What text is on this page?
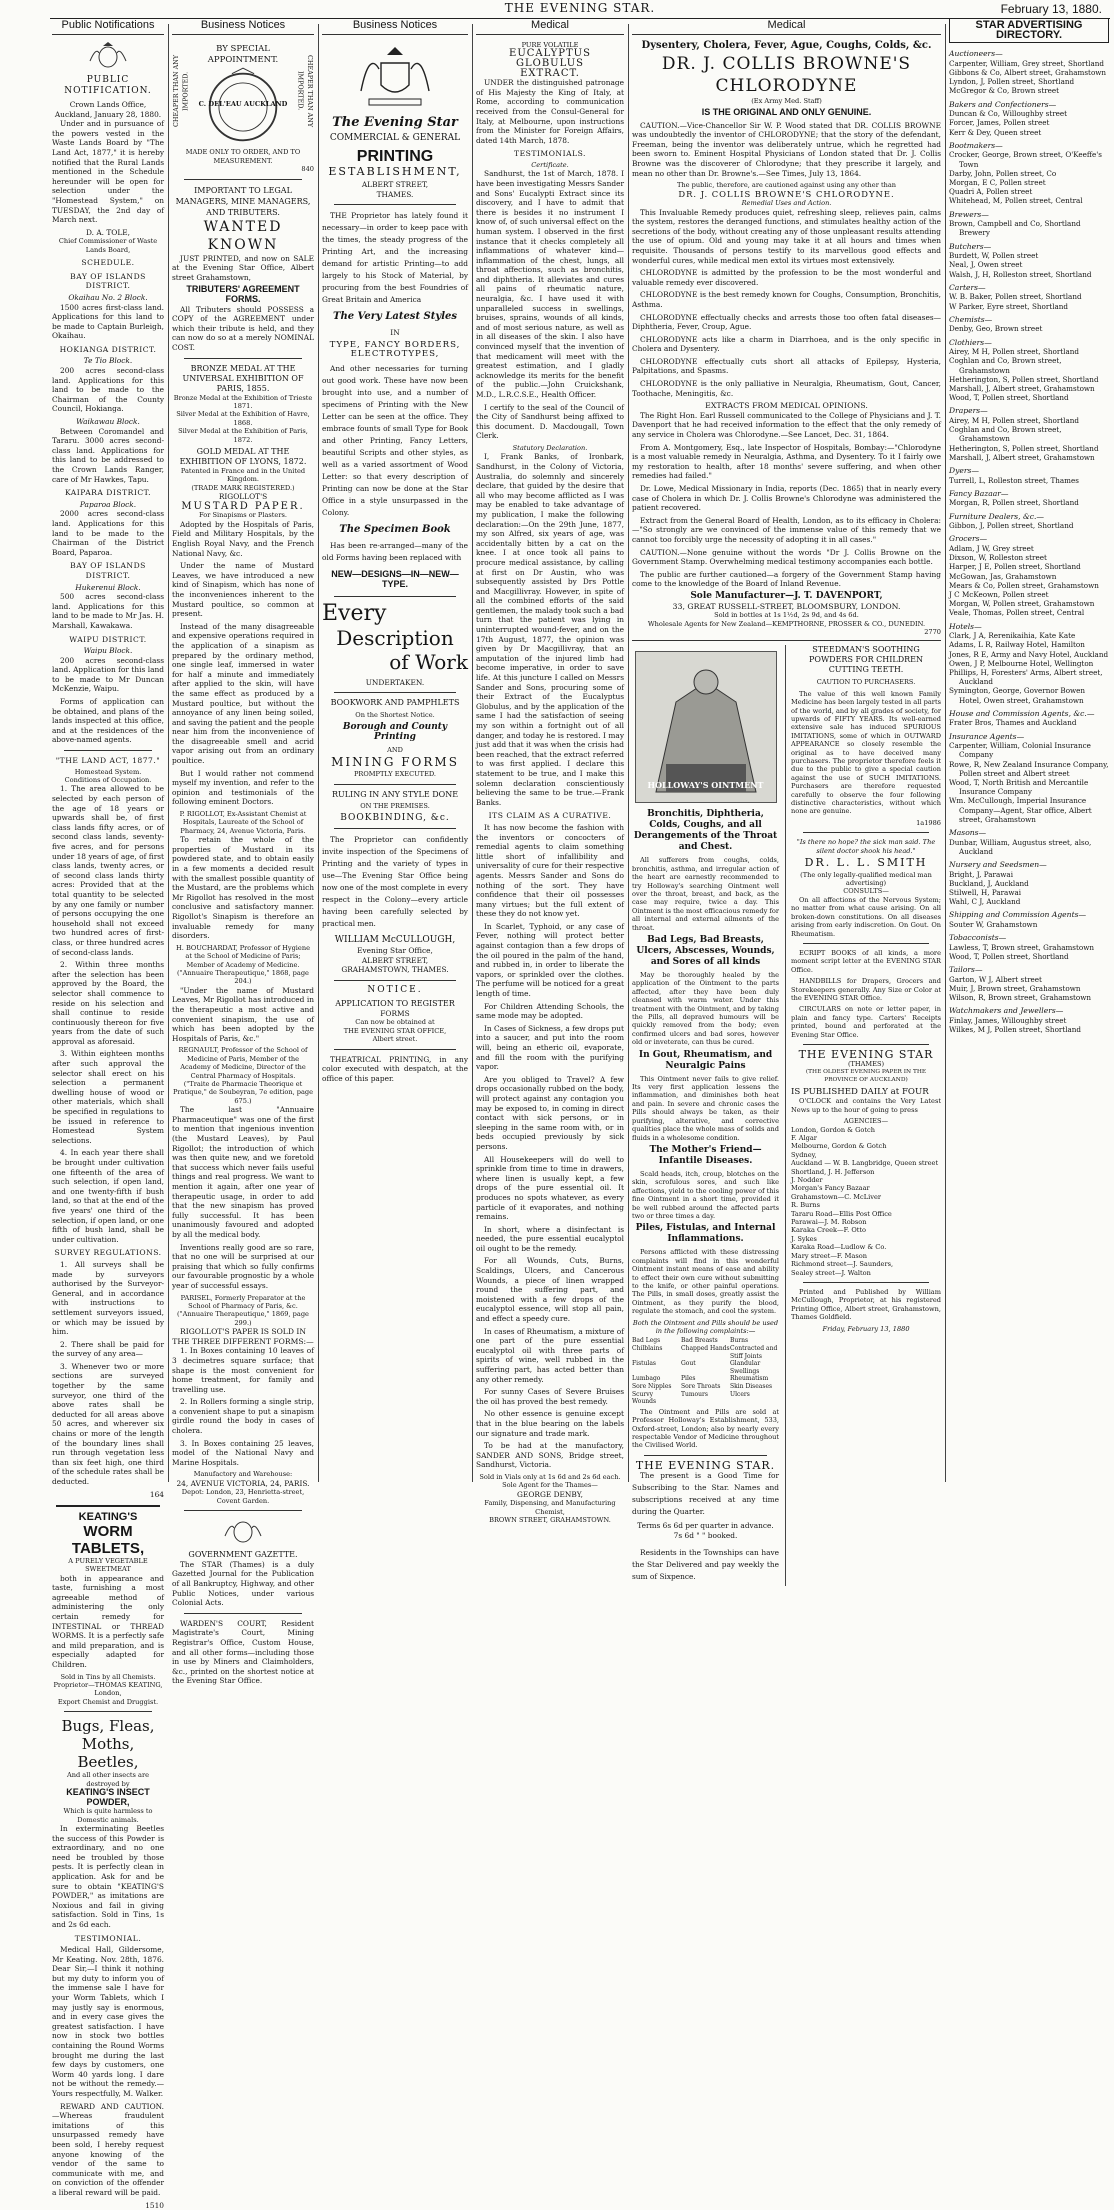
THE EVENING STAR.	February 13, 1880.
Public Notifications
PUBLIC NOTIFICATION.
Crown Lands Office,
Auckland, January 28, 1880.

Under and in pursuance of the powers vested in the Waste Lands Board by "The Land Act, 1877," it is hereby notified that the Rural Lands mentioned in the Schedule hereunder will be open for selection under the "Homestead System," on TUESDAY, the 2nd day of March next.

D. A. TOLE,
Chief Commissioner of Waste Lands Board,
SCHEDULE.
BAY OF ISLANDS DISTRICT.
Okaihau No. 2 Block.

1500 acres first-class land. Applications for this land to be made to Captain Burleigh, Okaihau.

HOKIANGA DISTRICT.
Te Tio Block.

200 acres second-class land. Applications for this land to be made to the Chairman of the County Council, Hokianga.

Waikawau Block.

Between Coromandel and Tararu. 3000 acres second-class land. Applications for this land to be addressed to the Crown Lands Ranger, care of Mr Hawkes, Tapu.

KAIPARA DISTRICT.
Paparoa Block.

2000 acres second-class land. Applications for this land to be made to the Chairman of the District Board, Paparoa.

BAY OF ISLANDS DISTRICT.
Hukerenui Block.

500 acres second-class land. Applications for this land to be made to Mr Jas. H. Marshall, Kawakawa.

WAIPU DISTRICT.
Waipu Block.

200 acres second-class land. Application for this land to be made to Mr Duncan McKenzie, Waipu.

Forms of application can be obtained, and plans of the lands inspected at this office, and at the residences of the above-named agents.

"THE LAND ACT, 1877."
Homestead System.
Conditions of Occupation.

1. The area allowed to be selected by each person of the age of 18 years or upwards shall be, of first class lands fifty acres, or of second class lands, seventy-five acres, and for persons under 18 years of age, of first class lands, twenty acres, or of second class lands thirty acres: Provided that at the total quantity to be selected by any one family or number of persons occupying the one household shall not exceed two hundred acres of first-class, or three hundred acres of second-class lands.

2. Within three months after the selection has been approved by the Board, the selector shall commence to reside on his selection and shall continue to reside continuously thereon for five years from the date of such approval as aforesaid.

3. Within eighteen months after such approval the selector shall erect on his selection a permanent dwelling house of wood or other materials, which shall be specified in regulations to be issued in reference to Homestead System selections.

4. In each year there shall be brought under cultivation one fifteenth of the area of such selection, if open land, and one twenty-fifth if bush land, so that at the end of the five years' one third of the selection, if open land, or one fifth of bush land, shall be under cultivation.

SURVEY REGULATIONS.

1. All surveys shall be made by surveyors authorised by the Surveyor-General, and in accordance with instructions to settlement surveyors issued, or which may be issued by him.

2. There shall be paid for the survey of any area—

3. Whenever two or more sections are surveyed together by the same surveyor, one third of the above rates shall be deducted for all areas above 50 acres, and wherever six chains or more of the length of the boundary lines shall run through vegetation less than six feet high, one third of the schedule rates shall be deducted.

164
KEATING'S
WORM TABLETS,
A PURELY VEGETABLE SWEETMEAT

both in appearance and taste, furnishing a most agreeable method of administering the only certain remedy for INTESTINAL or THREAD WORMS. It is a perfectly safe and mild preparation, and is especially adapted for Children.

Sold in Tins by all Chemists.
Proprietor—THOMAS KEATING,
London,
Export Chemist and Druggist.
Bugs, Fleas, Moths, Beetles,
And all other insects are destroyed by
KEATING'S INSECT POWDER,
Which is quite harmless to Domestic animals.

In exterminating Beetles the success of this Powder is extraordinary, and no one need be troubled by those pests. It is perfectly clean in application. Ask for and be sure to obtain "KEATING'S POWDER," as imitations are Noxious and fail in giving satisfaction. Sold in Tins, 1s and 2s 6d each.

TESTIMONIAL.

Medical Hall, Gildersome, Mr Keating. Nov. 28th, 1876. Dear Sir,—I think it nothing but my duty to inform you of the immense sale I have for your Worm Tablets, which I may justly say is enormous, and in every case gives the greatest satisfaction. I have now in stock two bottles containing the Round Worms brought me during the last few days by customers, one Worm 40 yards long. I dare not be without the remedy.—Yours respectfully, M. Walker.

REWARD AND CAUTION.—Whereas fraudulent imitations of this unsurpassed remedy have been sold, I hereby request anyone knowing of the vendor of the same to communicate with me, and on conviction of the offender a liberal reward will be paid.

1510
Business Notices
CHEAPER THAN ANY IMPORTED.
BY SPECIAL APPOINTMENT.
C. DEL'EAU AUCKLAND	CHEAPER THAN ANY IMPORTED.
MADE ONLY TO ORDER, AND TO MEASUREMENT.
840
IMPORTANT TO LEGAL MANAGERS, MINE MANAGERS, AND TRIBUTERS.
WANTED KNOWN

JUST PRINTED, and now on SALE at the Evening Star Office, Albert street Grahamstown,

TRIBUTERS' AGREEMENT FORMS.

All Tributers should POSSESS a COPY of the AGREEMENT under which their tribute is held, and they can now do so at a merely NOMINAL COST.

BRONZE MEDAL AT THE UNIVERSAL EXHIBITION OF PARIS, 1855.
Bronze Medal at the Exhibition of Trieste 1871.
Silver Medal at the Exhibition of Havre, 1868.
Silver Medal at the Exhibition of Paris, 1872.
GOLD MEDAL AT THE EXHIBITION OF LYONS, 1872.
Patented in France and in the United Kingdom.
(TRADE MARK REGISTERED.)
RIGOLLOT'S
MUSTARD PAPER.
For Sinapisms or Plasters.

Adopted by the Hospitals of Paris, Field and Military Hospitals, by the English Royal Navy, and the French National Navy, &c.

Under the name of Mustard Leaves, we have introduced a new kind of Sinapism, which has none of the inconveniences inherent to the Mustard poultice, so common at present.

Instead of the many disagreeable and expensive operations required in the application of a sinapism as prepared by the ordinary method, one single leaf, immersed in water for half a minute and immediately after applied to the skin, will have the same effect as produced by a Mustard poultice, but without the annoyance of any linen being soiled, and saving the patient and the people near him from the inconvenience of the disagreeable smell and acrid vapor arising out from an ordinary poultice.

But I would rather not commend myself my invention, and refer to the opinion and testimonials of the following eminent Doctors.

P. RIGOLLOT, Ex-Assistant Chemist at Hospitals, Laureate of the School of Pharmacy, 24, Avenue Victoria, Paris.

To retain the whole of the properties of Mustard in its powdered state, and to obtain easily in a few moments a decided result with the smallest possible quantity of the Mustard, are the problems which Mr Rigollot has resolved in the most conclusive and satisfactory manner. Rigollot's Sinapism is therefore an invaluable remedy for many disorders.

H. BOUCHARDAT, Professor of Hygiene at the School of Medicine of Paris; Member of Academy of Medicine.
("Annuaire Therapeutique," 1868, page 204.)

"Under the name of Mustard Leaves, Mr Rigollot has introduced in the therapeutic a most active and convenient sinapism, the use of which has been adopted by the Hospitals of Paris, &c."

REGNAULT, Professor of the School of Medicine of Paris, Member of the Academy of Medicine, Director of the Central Pharmacy of Hospitals.
("Traite de Pharmacie Theorique et Pratique," de Soubeyran, 7e edition, page 675.)

The last "Annuaire Pharmaceutique" was one of the first to mention that ingenious invention (the Mustard Leaves), by Paul Rigollot; the introduction of which was then quite new, and we foretold that success which never fails useful things and real progress. We want to mention it again, after one year of therapeutic usage, in order to add that the new sinapism has proved fully successful. It has been unanimously favoured and adopted by all the medical body.

Inventions really good are so rare, that no one will be surprised at our praising that which so fully confirms our favourable prognostic by a whole year of successful essays.

PARISEL, Formerly Preparator at the School of Pharmacy of Paris, &c.
("Annuaire Therapeutique," 1869, page 299.)
RIGOLLOT'S PAPER IS SOLD IN THE THREE DIFFERENT FORMS:—

1. In Boxes containing 10 leaves of 3 decimetres square surface; that shape is the most convenient for home treatment, for family and travelling use.

2. In Rollers forming a single strip, a convenient shape to put a sinapism girdle round the body in cases of cholera.

3. In Boxes containing 25 leaves, model of the National Navy and Marine Hospitals.

Manufactory and Warehouse:
24, AVENUE VICTORIA, 24, PARIS.
Depot: London, 23, Henrietta-street, Covent Garden.
GOVERNMENT GAZETTE.

The STAR (Thames) is a duly Gazetted Journal for the Publication of all Bankruptcy, Highway, and other Public Notices, under various Colonial Acts.

WARDEN'S COURT, Resident Magistrate's Court, Mining Registrar's Office, Custom House, and all other forms—including those in use by Miners and Claimholders, &c., printed on the shortest notice at the Evening Star Office.

Business Notices
The Evening Star
COMMERCIAL & GENERAL
PRINTING
ESTABLISHMENT,
ALBERT STREET,
THAMES.

THE Proprietor has lately found it necessary—in order to keep pace with the times, the steady progress of the Printing Art, and the increasing demand for artistic Printing—to add largely to his Stock of Material, by procuring from the best Foundries of Great Britain and America

The Very Latest Styles
IN
TYPE, FANCY BORDERS, ELECTROTYPES,

And other necessaries for turning out good work. These have now been brought into use, and a number of specimens of Printing with the New Letter can be seen at the office. They embrace founts of small Type for Book and other Printing, Fancy Letters, beautiful Scripts and other styles, as well as a varied assortment of Wood Letter: so that every description of Printing can now be done at the Star Office in a style unsurpassed in the Colony.

The Specimen Book

Has been re-arranged—many of the old Forms having been replaced with

NEW—DESIGNS—IN—NEW—TYPE.
Every
Description
of Work
UNDERTAKEN.
BOOKWORK AND PAMPHLETS
On the Shortest Notice.
Borough and County Printing
AND
MINING FORMS
PROMPTLY EXECUTED.
RULING IN ANY STYLE DONE
ON THE PREMISES.
BOOKBINDING, &c.

The Proprietor can confidently invite inspection of the Specimens of Printing and the variety of types in use—The Evening Star Office being now one of the most complete in every respect in the Colony—every article having been carefully selected by practical men.

WILLIAM McCULLOUGH,
Evening Star Office,
ALBERT STREET,
GRAHAMSTOWN, THAMES.
NOTICE.
APPLICATION TO REGISTER
FORMS
Can now be obtained at
THE EVENING STAR OFFICE,
Albert street.

THEATRICAL PRINTING, in any color executed with despatch, at the office of this paper.

Medical
PURE VOLATILE
EUCALYPTUS GLOBULUS
EXTRACT.

UNDER the distinguished patronage of His Majesty the King of Italy, at Rome, according to communication received from the Consul-General for Italy, at Melbourne, upon instructions from the Minister for Foreign Affairs, dated 14th March, 1878.

TESTIMONIALS.
Certificate.

Sandhurst, the 1st of March, 1878. I have been investigating Messrs Sander and Sons' Eucalypti Extract since its discovery, and I have to admit that there is besides it no instrument I know of, of such universal effect on the human system. I observed in the first instance that it checks completely all inflammations of whatever kind—inflammation of the chest, lungs, all throat affections, such as bronchitis, and diphtheria. It alleviates and cures all pains of rheumatic nature, neuralgia, &c. I have used it with unparalleled success in swellings, bruises, sprains, wounds of all kinds, and of most serious nature, as well as in all diseases of the skin. I also have convinced myself that the invention of that medicament will meet with the greatest estimation, and I gladly acknowledge its merits for the benefit of the public.—John Cruickshank, M.D., L.R.C.S.E., Health Officer.

I certify to the seal of the Council of the City of Sandhurst being affixed to this document. D. Macdougall, Town Clerk.

Statutory Declaration.

I, Frank Banks, of Ironbark, Sandhurst, in the Colony of Victoria, Australia, do solemnly and sincerely declare, that guided by the desire that all who may become afflicted as I was may be enabled to take advantage of my publication, I make the following declaration:—On the 29th June, 1877, my son Alfred, six years of age, was accidentally bitten by a cat on the knee. I at once took all pains to procure medical assistance, by calling at first on Dr Austin, who was subsequently assisted by Drs Pottle and Macgillivray. However, in spite of all the combined efforts of the said gentlemen, the malady took such a bad turn that the patient was lying in uninterrupted wound-fever, and on the 17th August, 1877, the opinion was given by Dr Macgillivray, that an amputation of the injured limb had become imperative, in order to save life. At this juncture I called on Messrs Sander and Sons, procuring some of their Extract of the Eucalyptus Globulus, and by the application of the same I had the satisfaction of seeing my son within a fortnight out of all danger, and today he is restored. I may just add that it was when the crisis had been reached, that the extract referred to was first applied. I declare this statement to be true, and I make this solemn declaration conscientiously believing the same to be true.—Frank Banks.

ITS CLAIM AS A CURATIVE.

It has now become the fashion with the inventors or concocters of remedial agents to claim something little short of infallibility and universality of cure for their respective agents. Messrs Sander and Sons do nothing of the sort. They have confidence that their oil possesses many virtues; but the full extent of these they do not know yet.

In Scarlet, Typhoid, or any case of Fever, nothing will protect better against contagion than a few drops of the oil poured in the palm of the hand, and rubbed in, in order to liberate the vapors, or sprinkled over the clothes. The perfume will be noticed for a great length of time.

For Children Attending Schools, the same mode may be adopted.

In Cases of Sickness, a few drops put into a saucer, and put into the room will, being an etheric oil, evaporate, and fill the room with the purifying vapor.

Are you obliged to Travel? A few drops occasionally rubbed on the body, will protect against any contagion you may be exposed to, in coming in direct contact with sick persons, or in sleeping in the same room with, or in beds occupied previously by sick persons.

All Housekeepers will do well to sprinkle from time to time in drawers, where linen is usually kept, a few drops of the pure essential oil. It produces no spots whatever, as every particle of it evaporates, and nothing remains.

In short, where a disinfectant is needed, the pure essential eucalyptol oil ought to be the remedy.

For all Wounds, Cuts, Burns, Scaldings, Ulcers, and Cancerous Wounds, a piece of linen wrapped round the suffering part, and moistened with a few drops of the eucalyptol essence, will stop all pain, and effect a speedy cure.

In cases of Rheumatism, a mixture of one part of the pure essential eucalyptol oil with three parts of spirits of wine, well rubbed in the suffering part, has acted better than any other remedy.

For sunny Cases of Severe Bruises the oil has proved the best remedy.

No other essence is genuine except that in the blue bearing on the labels our signature and trade mark.

To be had at the manufactory, SANDER AND SONS, Bridge street, Sandhurst, Victoria.

Sold in Vials only at 1s 6d and 2s 6d each.
Sole Agent for the Thames—
GEORGE DENBY,
Family, Dispensing, and Manufacturing Chemist,
BROWN STREET, GRAHAMSTOWN.
Medical
Dysentery, Cholera, Fever, Ague, Coughs, Colds, &c.
DR. J. COLLIS BROWNE'S CHLORODYNE
(Ex Army Med. Staff)
IS THE ORIGINAL AND ONLY GENUINE.

CAUTION.—Vice-Chancellor Sir W. P. Wood stated that DR. COLLIS BROWNE was undoubtedly the inventor of CHLORODYNE; that the story of the defendant, Freeman, being the inventor was deliberately untrue, which he regretted had been sworn to. Eminent Hospital Physicians of London stated that Dr. J. Collis Browne was the discoverer of Chlorodyne; that they prescribe it largely, and mean no other than Dr. Browne's.—See Times, July 13, 1864.

The public, therefore, are cautioned against using any other than
DR. J. COLLIS BROWNE'S CHLORODYNE.
Remedial Uses and Action.

This Invaluable Remedy produces quiet, refreshing sleep, relieves pain, calms the system, restores the deranged functions, and stimulates healthy action of the secretions of the body, without creating any of those unpleasant results attending the use of opium. Old and young may take it at all hours and times when requisite. Thousands of persons testify to its marvellous good effects and wonderful cures, while medical men extol its virtues most extensively.

CHLORODYNE is admitted by the profession to be the most wonderful and valuable remedy ever discovered.

CHLORODYNE is the best remedy known for Coughs, Consumption, Bronchitis, Asthma.

CHLORODYNE effectually checks and arrests those too often fatal diseases—Diphtheria, Fever, Croup, Ague.

CHLORODYNE acts like a charm in Diarrhoea, and is the only specific in Cholera and Dysentery.

CHLORODYNE effectually cuts short all attacks of Epilepsy, Hysteria, Palpitations, and Spasms.

CHLORODYNE is the only palliative in Neuralgia, Rheumatism, Gout, Cancer, Toothache, Meningitis, &c.

EXTRACTS FROM MEDICAL OPINIONS.

The Right Hon. Earl Russell communicated to the College of Physicians and J. T. Davenport that he had received information to the effect that the only remedy of any service in Cholera was Chlorodyne.—See Lancet, Dec. 31, 1864.

From A. Montgomery, Esq., late Inspector of Hospitals, Bombay:—"Chlorodyne is a most valuable remedy in Neuralgia, Asthma, and Dysentery. To it I fairly owe my restoration to health, after 18 months' severe suffering, and when other remedies had failed."

Dr. Lowe, Medical Missionary in India, reports (Dec. 1865) that in nearly every case of Cholera in which Dr. J. Collis Browne's Chlorodyne was administered the patient recovered.

Extract from the General Board of Health, London, as to its efficacy in Cholera:—"So strongly are we convinced of the immense value of this remedy that we cannot too forcibly urge the necessity of adopting it in all cases."

CAUTION.—None genuine without the words "Dr J. Collis Browne on the Government Stamp. Overwhelming medical testimony accompanies each bottle.

The public are further cautioned—a forgery of the Government Stamp having come to the knowledge of the Board of Inland Revenue.

Sole Manufacturer—J. T. DAVENPORT,
33, GREAT RUSSELL-STREET, BLOOMSBURY, LONDON.
Sold in bottles at 1s 1½d, 2s 9d, and 4s 6d.
Wholesale Agents for New Zealand—KEMPTHORNE, PROSSER & CO., DUNEDIN.
2770
HOLLOWAY'S OINTMENT
Bronchitis, Diphtheria, Colds, Coughs, and all Derangements of the Throat and Chest.

All sufferers from coughs, colds, bronchitis, asthma, and irregular action of the heart are earnestly recommended to try Holloway's searching Ointment well over the throat, breast, and back, as the case may require, twice a day. This Ointment is the most efficacious remedy for all internal and external ailments of the throat.

Bad Legs, Bad Breasts, Ulcers, Abscesses, Wounds, and Sores of all kinds

May be thoroughly healed by the application of the Ointment to the parts affected, after they have been duly cleansed with warm water. Under this treatment with the Ointment, and by taking the Pills, all depraved humours will be quickly removed from the body; even confirmed ulcers and bad sores, however old or inveterate, can thus be cured.

In Gout, Rheumatism, and Neuralgic Pains

This Ointment never fails to give relief. Its very first application lessens the inflammation, and diminishes both heat and pain. In severe and chronic cases the Pills should always be taken, as their purifying, alterative, and corrective qualities place the whole mass of solids and fluids in a wholesome condition.

The Mother's Friend—Infantile Diseases.

Scald heads, itch, croup, blotches on the skin, scrofulous sores, and such like affections, yield to the cooling power of this fine Ointment in a short time, provided it be well rubbed around the affected parts two or three times a day.

Piles, Fistulas, and Internal Inflammations.

Persons afflicted with these distressing complaints will find in this wonderful Ointment instant means of ease and ability to effect their own cure without submitting to the knife, or other painful operations. The Pills, in small doses, greatly assist the Ointment, as they purify the blood, regulate the stomach, and cool the system.

Both the Ointment and Pills should be used in the following complaints:—
Bad Legs	Bad Breasts	Burns
Chilblains	Chapped Hands Contracted and Stiff Joints
Fistulas	Gout	Glandular Swellings
Lumbago	Piles	Rheumatism
Sore Nipples	Sore Throats	Skin Diseases
Scurvy	Tumours	Ulcers
Wounds

The Ointment and Pills are sold at Professor Holloway's Establishment, 533, Oxford-street, London; also by nearly every respectable Vendor of Medicine throughout the Civilised World.

THE EVENING STAR.

The present is a Good Time for Subscribing to the Star. Names and subscriptions received at any time during the Quarter.

Terms 6s 6d per quarter in advance.
7s 6d " " booked.

Residents in the Townships can have the Star Delivered and pay weekly the sum of Sixpence.

STEEDMAN'S SOOTHING POWDERS FOR CHILDREN CUTTING TEETH.
CAUTION TO PURCHASERS.

The value of this well known Family Medicine has been largely tested in all parts of the world, and by all grades of society, for upwards of FIFTY YEARS. Its well-earned extensive sale has induced SPURIOUS IMITATIONS, some of which in OUTWARD APPEARANCE so closely resemble the original as to have deceived many purchasers. The proprietor therefore feels it due to the public to give a special caution against the use of SUCH IMITATIONS. Purchasers are therefore requested carefully to observe the four following distinctive characteristics, without which none are genuine.

1a1986
"Is there no hope? the sick man said. The silent doctor shook his head."
DR. L. L. SMITH
(The only legally-qualified medical man advertising)
CONSULTS—

On all affections of the Nervous System; no matter from what cause arising. On all broken-down constitutions. On all diseases arising from early indiscretion. On Gout. On Rheumatism.

ECRIPT BOOKS of all kinds, a more moment script letter at the EVENING STAR Office.

HANDBILLS for Drapers, Grocers and Storekeepers generally. Any Size or Color at the EVENING STAR Office.

CIRCULARS on note or letter paper, in plain and fancy type. Carters' Receipts printed, bound and perforated at the Evening Star Office.

THE EVENING STAR
(THAMES)
(THE OLDEST EVENING PAPER IN THE PROVINCE OF AUCKLAND)
IS PUBLISHED DAILY at FOUR

O'CLOCK and contains the Very Latest News up to the hour of going to press

AGENCIES—
London, Gordon & Gotch
F. Algar
Melbourne, Gordon & Gotch
Sydney,
Auckland — W. B. Langbridge, Queen street
Shortland, J. H. Jefferson
J. Nodder
Morgan's Fancy Bazaar
Grahamstown—C. McLiver
R. Burns
Tararu Road—Ellis Post Office
Parawai—J. M. Robson
Karaka Creek—F. Otto
J. Sykes
Karaka Road—Ludlow & Co.
Mary street—F. Mason
Richmond street—J. Saunders,
Sealey street—J. Walton

Printed and Published by William McCullough, Proprietor, at his registered Printing Office, Albert street, Grahamstown, Thames Goldfield.

Friday, February 13, 1880
STAR ADVERTISING DIRECTORY.
Auctioneers—
Carpenter, William, Grey street, Shortland
Gibbons & Co, Albert street, Grahamstown
Lyndon, J, Pollen street, Shortland
McGregor & Co, Brown street
Bakers and Confectioners—
Duncan & Co, Willoughby street
Forcer, James, Pollen street
Kerr & Dey, Queen street
Bootmakers—
Crocker, George, Brown street, O'Keeffe's Town
Darby, John, Pollen street, Co
Morgan, E C, Pollen street
Quadri A, Pollen street
Whitehead, M, Pollen street, Central
Brewers—
Brown, Campbell and Co, Shortland Brewery
Butchers—
Burdett, W, Pollen street
Neal, J, Owen street
Walsh, J, H, Rolleston street, Shortland
Carters—
W. B. Baker, Pollen street, Shortland
W Parker, Eyre street, Shortland
Chemists—
Denby, Geo, Brown street
Clothiers—
Airey, M H, Pollen street, Shortland
Coghlan and Co, Brown street, Grahamstown
Hetherington, S, Pollen street, Shortland
Marshall, J, Albert street, Grahamstown
Wood, T, Pollen street, Shortland
Drapers—
Airey, M H, Pollen street, Shortland
Coghlan and Co, Brown street, Grahamstown
Hetherington, S, Pollen street, Shortland
Marshall, J, Albert street, Grahamstown
Dyers—
Turrell, L, Rolleston street, Thames
Fancy Bazaar—
Morgan, R, Pollen street, Shortland
Furniture Dealers, &c.—
Gibbon, J, Pollen street, Shortland
Grocers—
Adlam, J W, Grey street
Dixson, W, Rolleston street
Harper, J E, Pollen street, Shortland
McGowan, Jas, Grahamstown
Mears & Co, Pollen street, Grahamstown
J C McKeown, Pollen street
Morgan, W, Pollen street, Grahamstown
Veale, Thomas, Pollen street, Central
Hotels—
Clark, J A, Rerenikaihia, Kate Kate
Adams, L R, Railway Hotel, Hamilton
Jones, R E, Army and Navy Hotel, Auckland
Owen, J P, Melbourne Hotel, Wellington
Phillips, H, Foresters' Arms, Albert street, Auckland
Symington, George, Governor Bowen Hotel, Owen street, Grahamstown
House and Commission Agents, &c.—
Frater Bros, Thames and Auckland
Insurance Agents—
Carpenter, William, Colonial Insurance Company
Rowe, R, New Zealand Insurance Company, Pollen street and Albert street
Wood, T, North British and Mercantile Insurance Company
Wm. McCullough, Imperial Insurance Company—Agent, Star office, Albert street, Grahamstown
Masons—
Dunbar, William, Augustus street, also, Auckland
Nursery and Seedsmen—
Bright, J, Parawai
Buckland, J, Auckland
Stilwell, H, Parawai
Wahl, C J, Auckland
Shipping and Commission Agents—
Souter W, Grahamstown
Tobacconists—
Lawless, T, Brown street, Grahamstown
Wood, T, Pollen street, Shortland
Tailors—
Garton, W J, Albert street
Muir, J, Brown street, Grahamstown
Wilson, R, Brown street, Grahamstown
Watchmakers and Jewellers—
Finlay, James, Willoughby street
Wilkes, M J, Pollen street, Shortland
